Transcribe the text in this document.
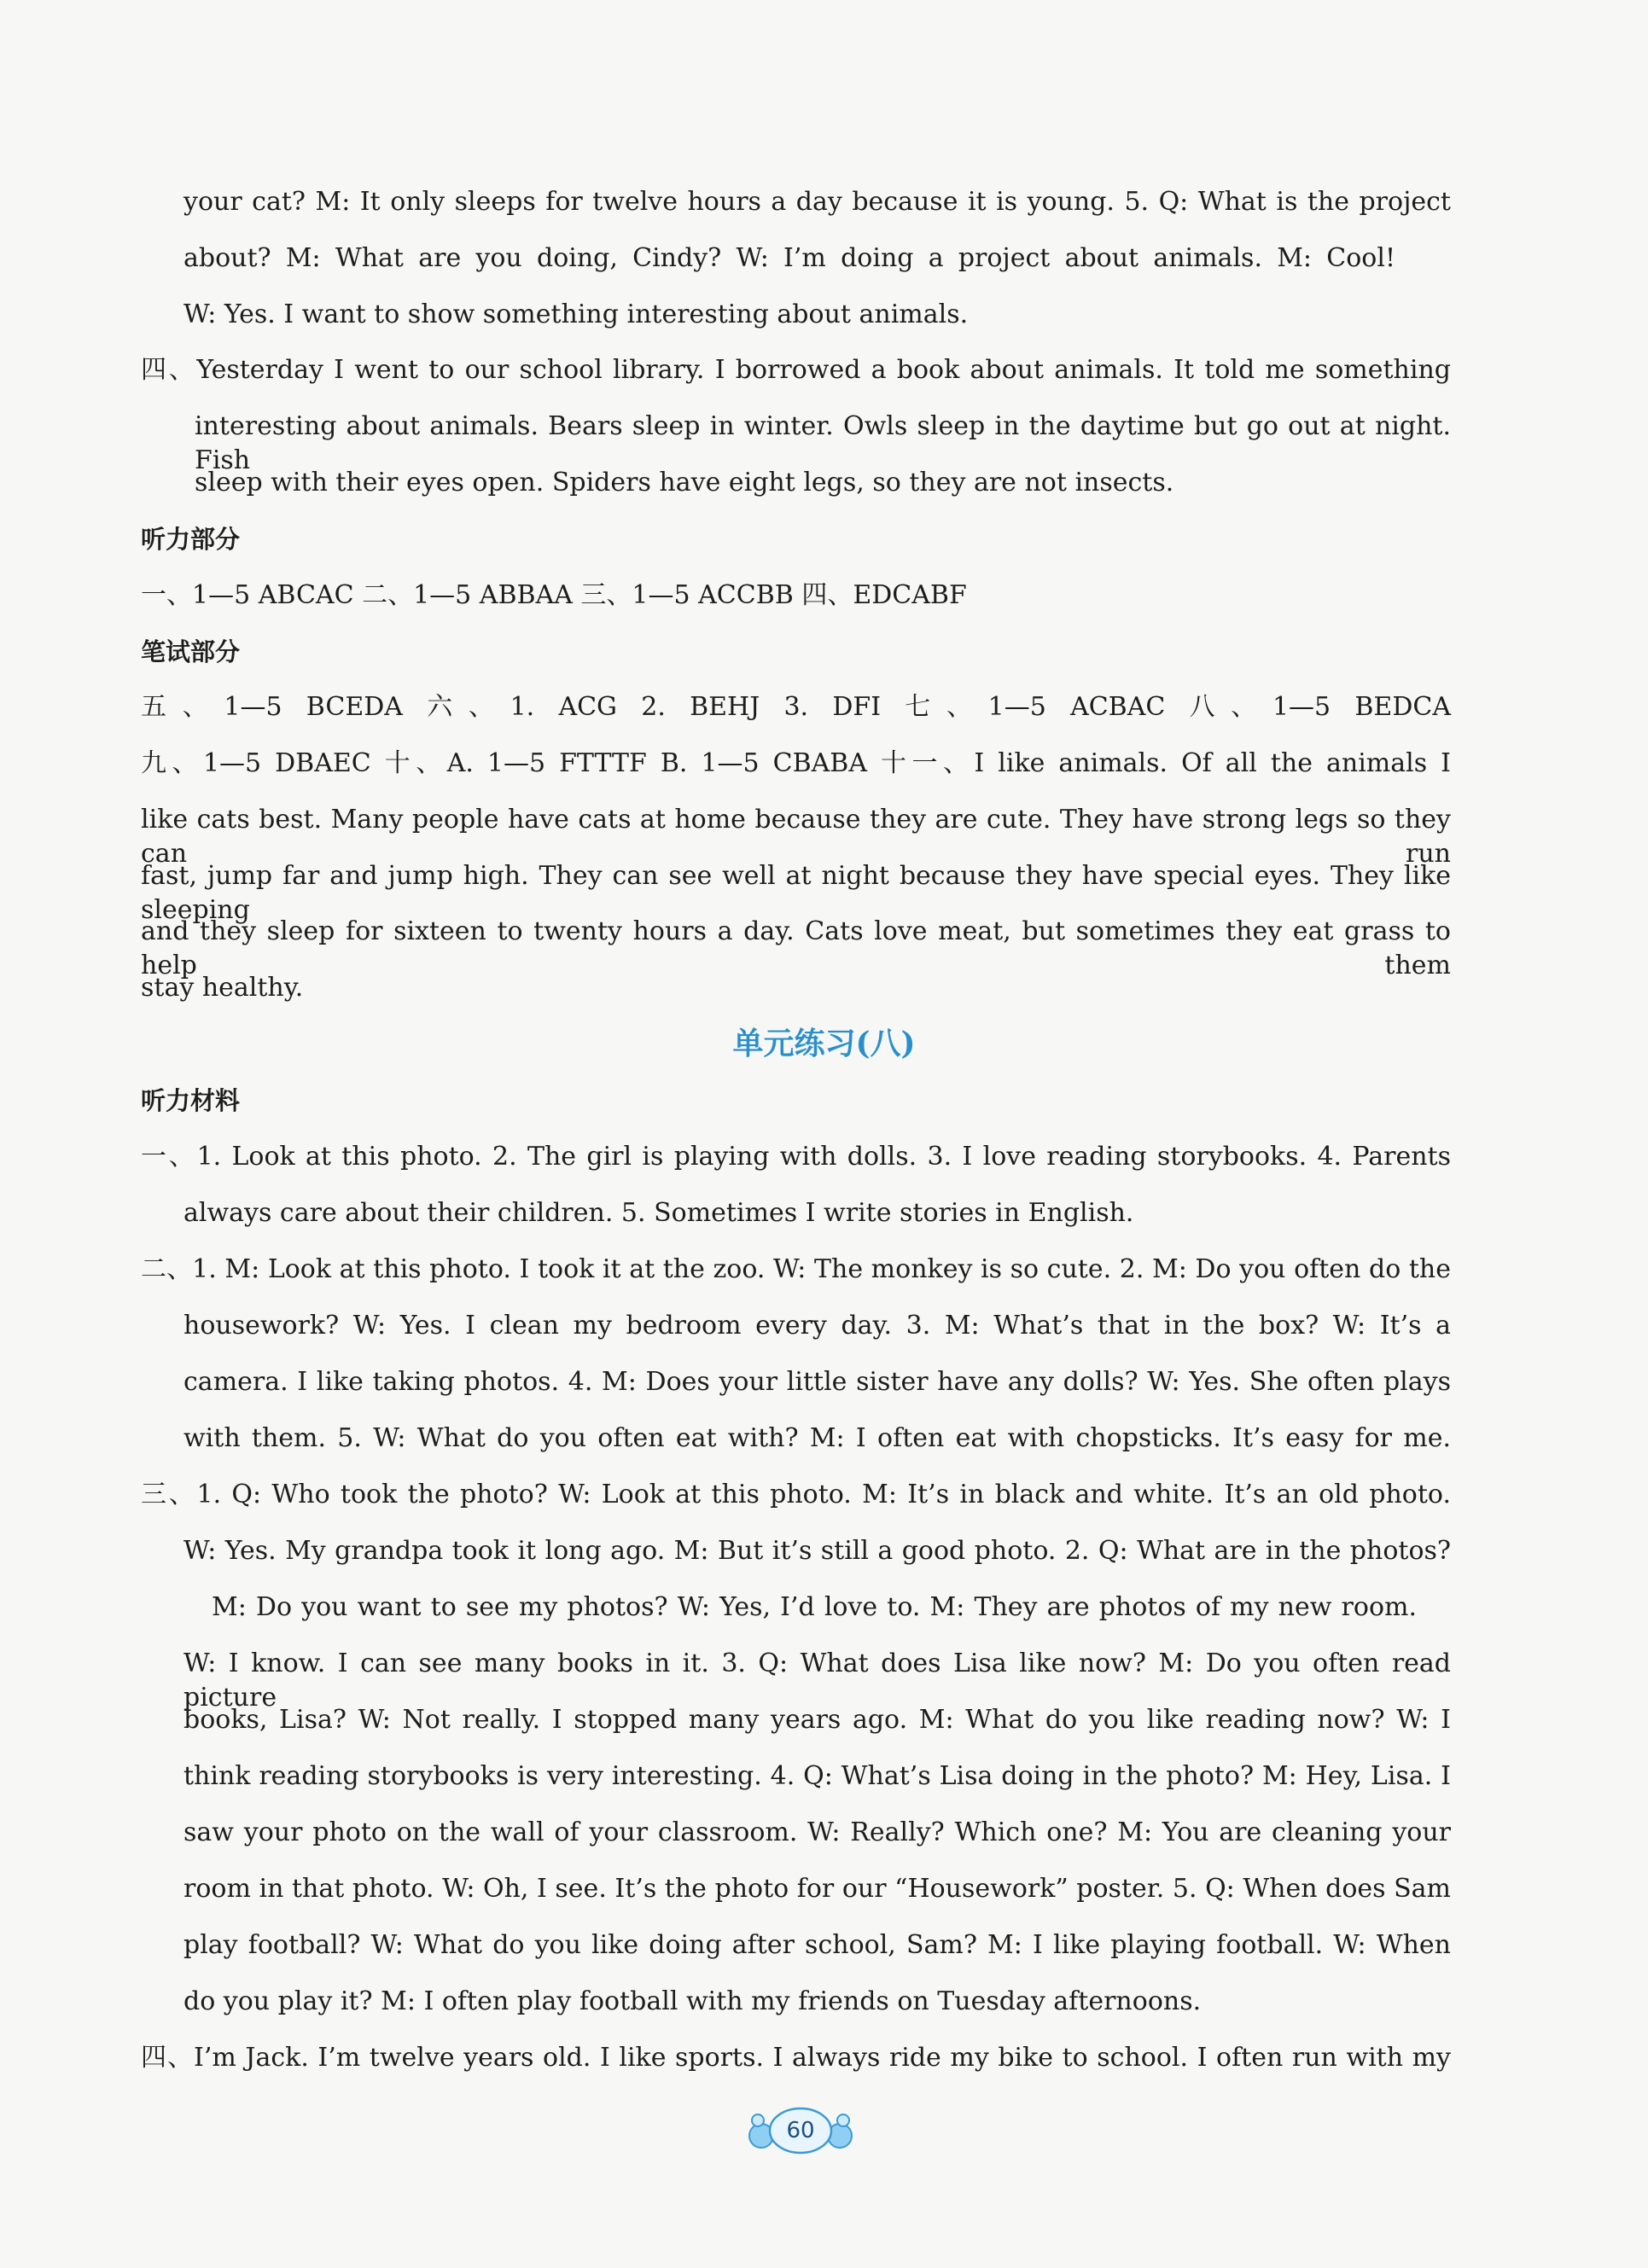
your cat? M: It only sleeps for twelve hours a day because it is young. 5. Q: What is the project
about? M: What are you doing, Cindy? W: I’m doing a project about animals. M: Cool!
W: Yes. I want to show something interesting about animals.
四、Yesterday I went to our school library. I borrowed a book about animals. It told me something
interesting about animals. Bears sleep in winter. Owls sleep in the daytime but go out at night. Fish
sleep with their eyes open. Spiders have eight legs, so they are not insects.
听力部分
一、1—5 ABCAC 二、1—5 ABBAA 三、1—5 ACCBB 四、EDCABF
笔试部分
五、1—5 BCEDA 六、1. ACG 2. BEHJ 3. DFI 七、1—5 ACBAC 八、1—5 BEDCA
九、1—5 DBAEC 十、A. 1—5 FTTTF B. 1—5 CBABA 十一、I like animals. Of all the animals I
like cats best. Many people have cats at home because they are cute. They have strong legs so they can run
fast, jump far and jump high. They can see well at night because they have special eyes. They like sleeping
and they sleep for sixteen to twenty hours a day. Cats love meat, but sometimes they eat grass to help them
stay healthy.
单元练习(八)
听力材料
一、1. Look at this photo. 2. The girl is playing with dolls. 3. I love reading storybooks. 4. Parents
always care about their children. 5. Sometimes I write stories in English.
二、1. M: Look at this photo. I took it at the zoo. W: The monkey is so cute. 2. M: Do you often do the
housework? W: Yes. I clean my bedroom every day. 3. M: What’s that in the box? W: It’s a
camera. I like taking photos. 4. M: Does your little sister have any dolls? W: Yes. She often plays
with them. 5. W: What do you often eat with? M: I often eat with chopsticks. It’s easy for me.
三、1. Q: Who took the photo? W: Look at this photo. M: It’s in black and white. It’s an old photo.
W: Yes. My grandpa took it long ago. M: But it’s still a good photo. 2. Q: What are in the photos?
M: Do you want to see my photos? W: Yes, I’d love to. M: They are photos of my new room.
W: I know. I can see many books in it. 3. Q: What does Lisa like now? M: Do you often read picture
books, Lisa? W: Not really. I stopped many years ago. M: What do you like reading now? W: I
think reading storybooks is very interesting. 4. Q: What’s Lisa doing in the photo? M: Hey, Lisa. I
saw your photo on the wall of your classroom. W: Really? Which one? M: You are cleaning your
room in that photo. W: Oh, I see. It’s the photo for our “Housework” poster. 5. Q: When does Sam
play football? W: What do you like doing after school, Sam? M: I like playing football. W: When
do you play it? M: I often play football with my friends on Tuesday afternoons.
四、I’m Jack. I’m twelve years old. I like sports. I always ride my bike to school. I often run with my
60
